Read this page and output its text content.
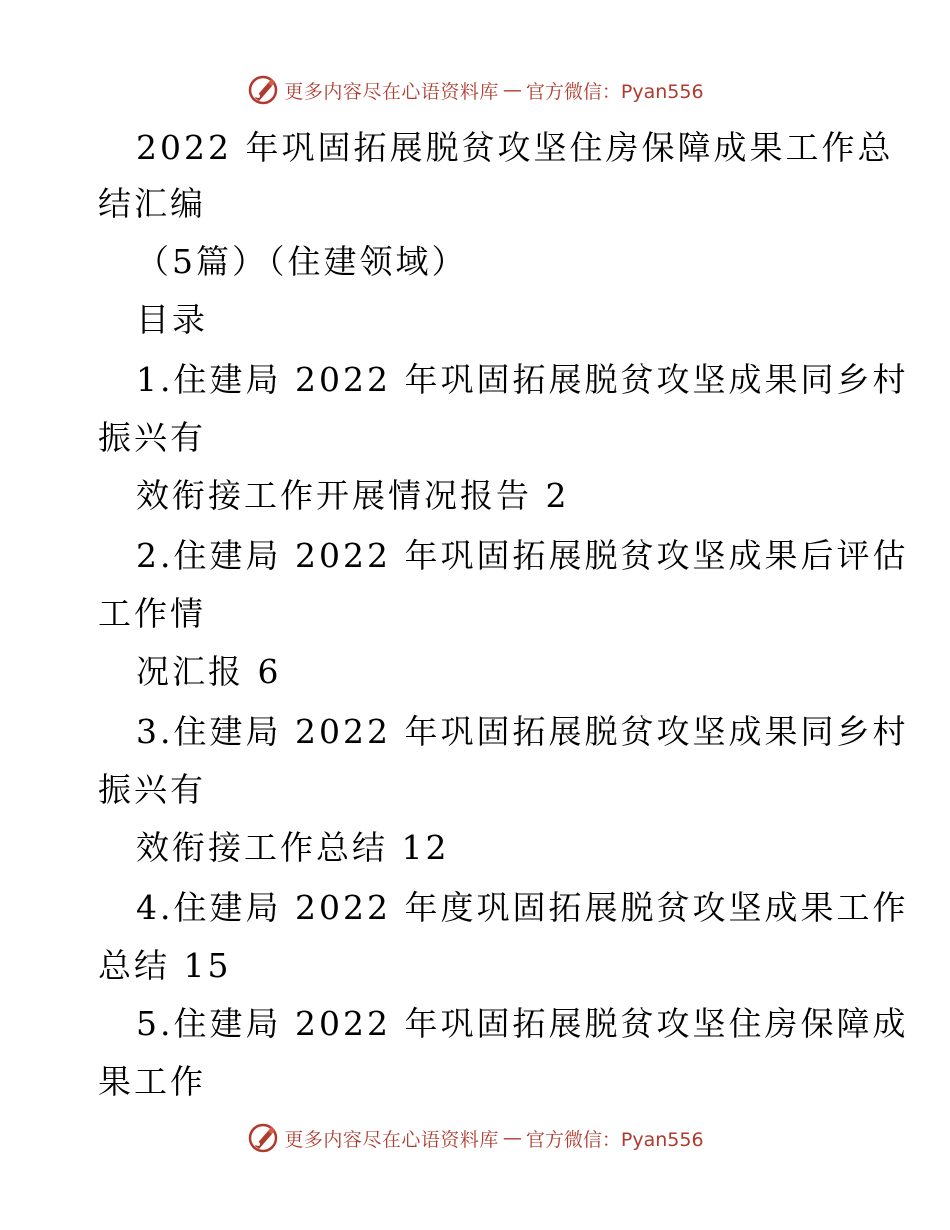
更多内容尽在心语资料库 — 官方微信：Pyan556
2022 年巩固拓展脱贫攻坚住房保障成果工作总
结汇编
（5篇）（住建领域）
目录
1.住建局 2022 年巩固拓展脱贫攻坚成果同乡村
振兴有
效衔接工作开展情况报告 2
2.住建局 2022 年巩固拓展脱贫攻坚成果后评估
工作情
况汇报 6
3.住建局 2022 年巩固拓展脱贫攻坚成果同乡村
振兴有
效衔接工作总结 12
4.住建局 2022 年度巩固拓展脱贫攻坚成果工作
总结 15
5.住建局 2022 年巩固拓展脱贫攻坚住房保障成
果工作
更多内容尽在心语资料库 — 官方微信：Pyan556
